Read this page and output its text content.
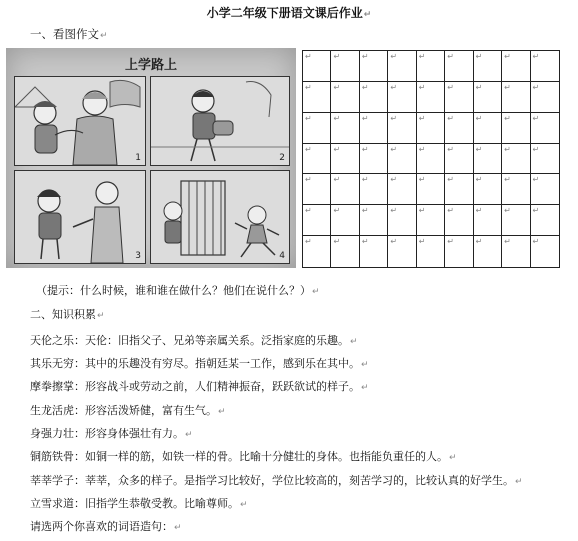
小学二年级下册语文课后作业↵
一、看图作文↵
上学路上
1	2
3	4
↵	↵	↵	↵	↵	↵	↵	↵	↵
↵	↵	↵	↵	↵	↵	↵	↵	↵
↵	↵	↵	↵	↵	↵	↵	↵	↵
↵	↵	↵	↵	↵	↵	↵	↵	↵
↵	↵	↵	↵	↵	↵	↵	↵	↵
↵	↵	↵	↵	↵	↵	↵	↵	↵
↵	↵	↵	↵	↵	↵	↵	↵	↵
（提示：什么时候，谁和谁在做什么？他们在说什么？）↵
二、知识积累↵
天伦之乐：天伦：旧指父子、兄弟等亲属关系。泛指家庭的乐趣。↵
其乐无穷：其中的乐趣没有穷尽。指朝廷某一工作，感到乐在其中。↵
摩拳擦掌：形容战斗或劳动之前，人们精神振奋，跃跃欲试的样子。↵
生龙活虎：形容活泼矫健，富有生气。↵
身强力壮：形容身体强壮有力。↵
铜筋铁骨：如铜一样的筋，如铁一样的骨。比喻十分健壮的身体。也指能负重任的人。↵
莘莘学子：莘莘，众多的样子。是指学习比较好，学位比较高的，刻苦学习的，比较认真的好学生。↵
立雪求道：旧指学生恭敬受教。比喻尊师。↵
请选两个你喜欢的词语造句：↵
